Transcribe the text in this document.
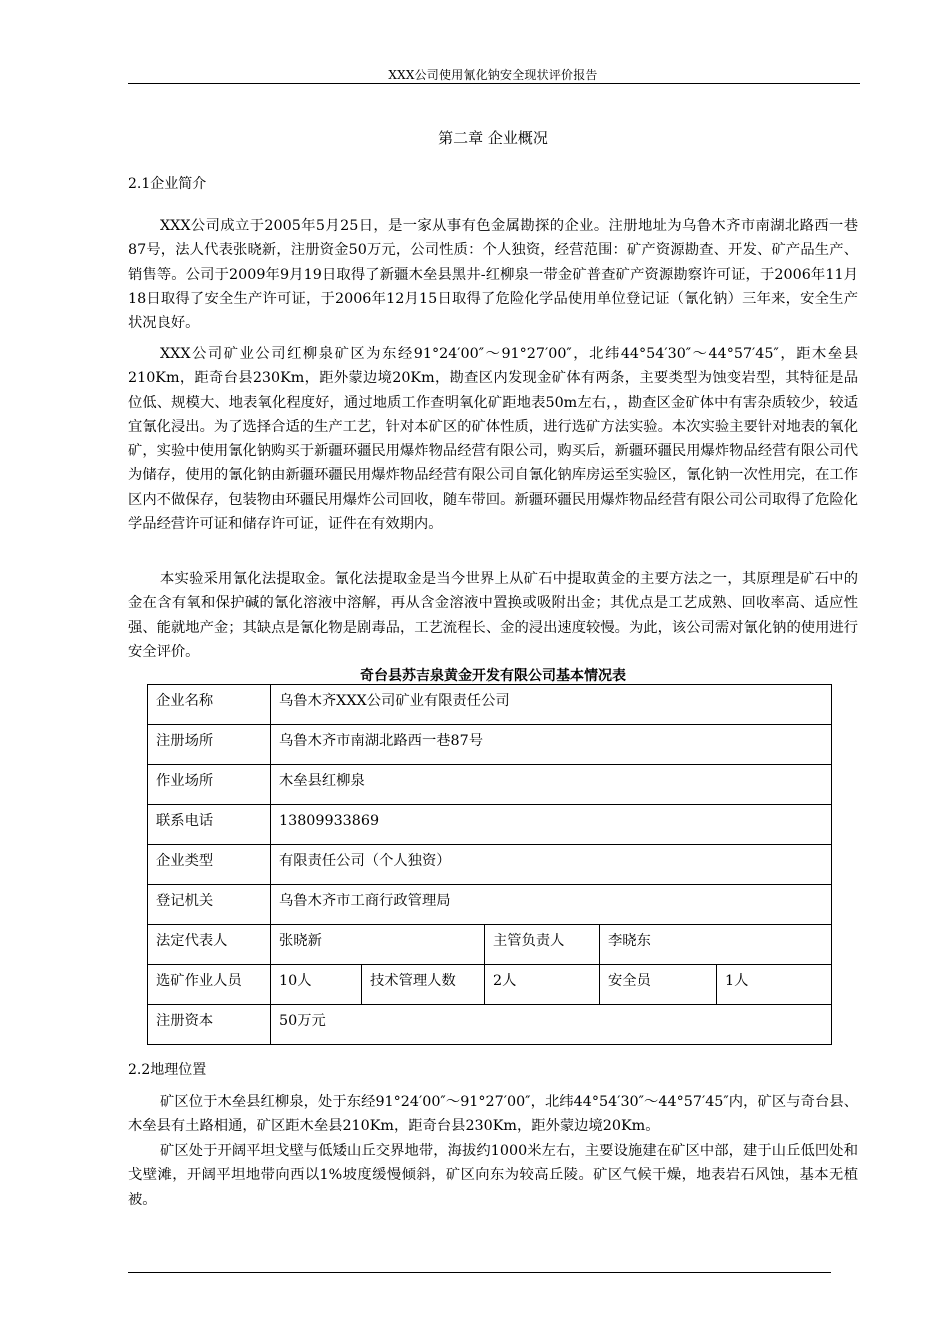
XXX公司使用氰化钠安全现状评价报告
第二章 企业概况
2.1企业简介

XXX公司成立于2005年5月25日，是一家从事有色金属勘探的企业。注册地址为乌鲁木齐市南湖北路西一巷87号，法人代表张晓新，注册资金50万元，公司性质：个人独资，经营范围：矿产资源勘查、开发、矿产品生产、销售等。公司于2009年9月19日取得了新疆木垒县黑井-红柳泉一带金矿普查矿产资源勘察许可证，于2006年11月18日取得了安全生产许可证，于2006年12月15日取得了危险化学品使用单位登记证（氰化钠）三年来，安全生产状况良好。

XXX公司矿业公司红柳泉矿区为东经91°24′00″～91°27′00″，北纬44°54′30″～44°57′45″，距木垒县210Km，距奇台县230Km，距外蒙边境20Km，勘查区内发现金矿体有两条，主要类型为蚀变岩型，其特征是品位低、规模大、地表氧化程度好，通过地质工作查明氧化矿距地表50m左右，，勘查区金矿体中有害杂质较少，较适宜氰化浸出。为了选择合适的生产工艺，针对本矿区的矿体性质，进行选矿方法实验。本次实验主要针对地表的氧化矿，实验中使用氰化钠购买于新疆环疆民用爆炸物品经营有限公司，购买后，新疆环疆民用爆炸物品经营有限公司代为储存，使用的氰化钠由新疆环疆民用爆炸物品经营有限公司自氰化钠库房运至实验区，氰化钠一次性用完，在工作区内不做保存，包装物由环疆民用爆炸公司回收，随车带回。新疆环疆民用爆炸物品经营有限公司公司取得了危险化学品经营许可证和储存许可证，证件在有效期内。

本实验采用氰化法提取金。氰化法提取金是当今世界上从矿石中提取黄金的主要方法之一，其原理是矿石中的金在含有氧和保护碱的氰化溶液中溶解，再从含金溶液中置换或吸附出金；其优点是工艺成熟、回收率高、适应性强、能就地产金；其缺点是氰化物是剧毒品，工艺流程长、金的浸出速度较慢。为此，该公司需对氰化钠的使用进行安全评价。

奇台县苏吉泉黄金开发有限公司基本情况表
企业名称	乌鲁木齐XXX公司矿业有限责任公司				
注册场所	乌鲁木齐市南湖北路西一巷87号				
作业场所	木垒县红柳泉				
联系电话	13809933869				
企业类型	有限责任公司（个人独资）				
登记机关	乌鲁木齐市工商行政管理局				
法定代表人	张晓新		主管负责人	李晓东	
选矿作业人员	10人	技术管理人数	2人	安全员	1人
注册资本	50万元				
2.2地理位置

矿区位于木垒县红柳泉，处于东经91°24′00″～91°27′00″，北纬44°54′30″～44°57′45″内，矿区与奇台县、木垒县有土路相通，矿区距木垒县210Km，距奇台县230Km，距外蒙边境20Km。

矿区处于开阔平坦戈壁与低矮山丘交界地带，海拔约1000米左右，主要设施建在矿区中部，建于山丘低凹处和戈壁滩，开阔平坦地带向西以1%坡度缓慢倾斜，矿区向东为较高丘陵。矿区气候干燥，地表岩石风蚀，基本无植被。
